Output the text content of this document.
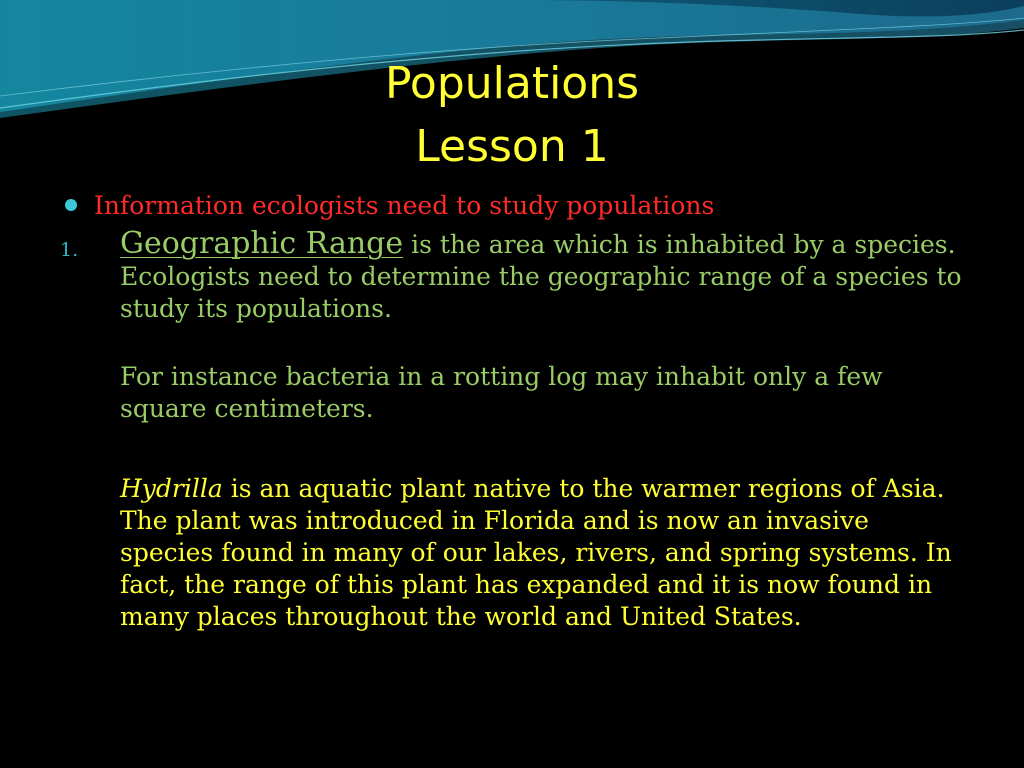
Populations
Lesson 1
Information ecologists need to study populations
1. Geographic Range is the area which is inhabited by a species. Ecologists need to determine the geographic range of a species to study its populations.

For instance bacteria in a rotting log may inhabit only a few square centimeters.

Hydrilla is an aquatic plant native to the warmer regions of Asia. The plant was introduced in Florida and is now an invasive species found in many of our lakes, rivers, and spring systems. In fact, the range of this plant has expanded and it is now found in many places throughout the world and United States.
